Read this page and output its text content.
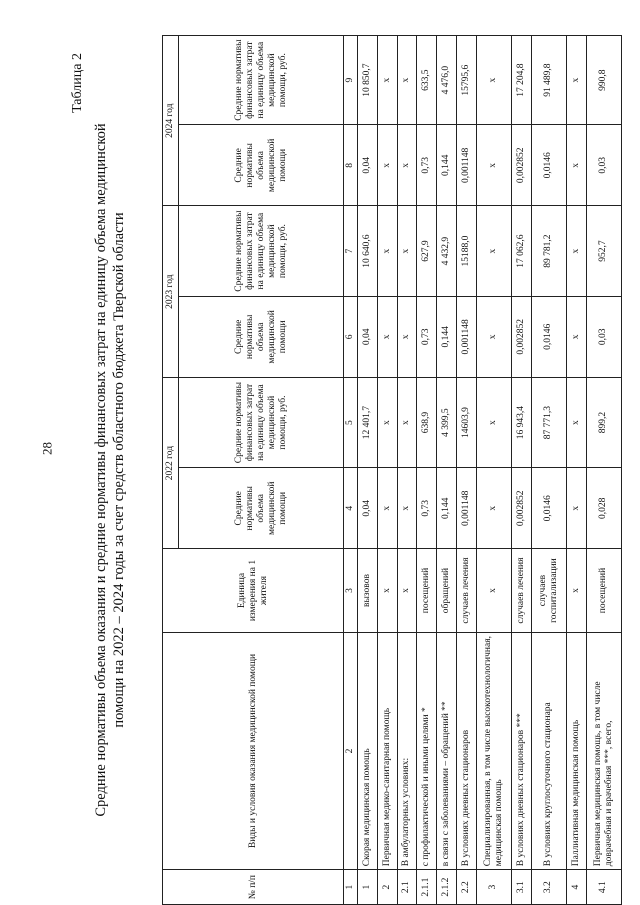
28
Таблица 2
Средние нормативы объема оказания и средние нормативы финансовых затрат на единицу объема медицинской помощи на 2022 – 2024 годы за счет средств областного бюджета Тверской области
№ п/п	Виды и условия оказания медицинской помощи	Единица измерения на 1 жителя	2022 год		2023 год		2024 год	
			Средние нормативы объема медицинской помощи	Средние нормативы финансовых затрат на единицу объема медицинской помощи, руб.	Средние нормативы объема медицинской помощи	Средние нормативы финансовых затрат на единицу объема медицинской помощи, руб.	Средние нормативы объема медицинской помощи	Средние нормативы финансовых затрат на единицу объема медицинской помощи, руб.
1	2	3	4	5	6	7	8	9
1	Скорая медицинская помощь	вызовов	0,04	12 401,7	0,04	10 640,6	0,04	10 850,7
2	Первичная медико-санитарная помощь	х	х	х	х	х	х	х
2.1	В амбулаторных условиях:	х	х	х	х	х	х	х
2.1.1	с профилактической и иными целями *	посещений	0,73	638,9	0,73	627,9	0,73	633,5
2.1.2	в связи с заболеваниями – обращений **	обращений	0,144	4 399,5	0,144	4 432,9	0,144	4 476,0
2.2	В условиях дневных стационаров	случаев лечения	0,001148	14603,9	0,001148	15188,0	0,001148	15795,6
3	Специализированная, в том числе высокотехнологичная, медицинская помощь	х	х	х	х	х	х	х
3.1	В условиях дневных стационаров ***	случаев лечения	0,002852	16 943,4	0,002852	17 062,6	0,002852	17 204,8
3.2	В условиях круглосуточного стационара	случаев госпитализации	0,0146	87 771,3	0,0146	89 781,2	0,0146	91 489,8
4	Паллиативная медицинская помощь	х	х	х	х	х	х	х
4.1	Первичная медицинская помощь, в том числе доврачебная и врачебная ***, всего,	посещений	0,028	899,2	0,03	952,7	0,03	990,8
